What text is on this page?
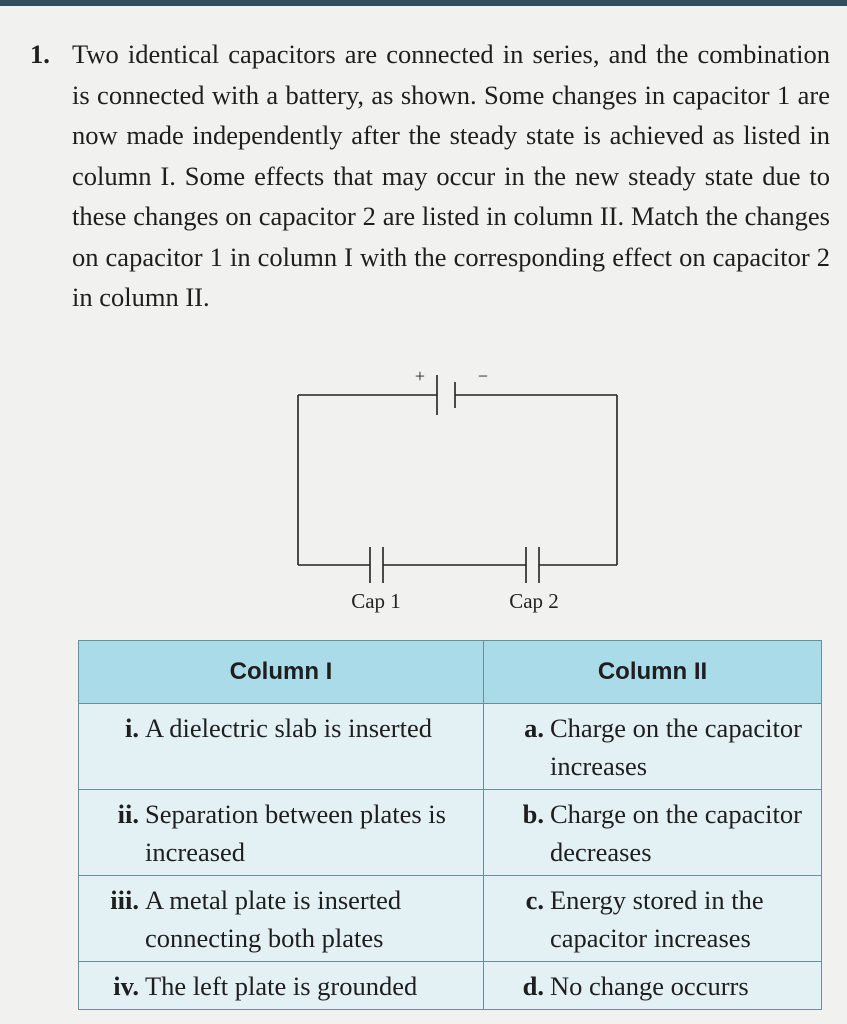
1. Two identical capacitors are connected in series, and the combination is connected with a battery, as shown. Some changes in capacitor 1 are now made independently after the steady state is achieved as listed in column I. Some effects that may occur in the new steady state due to these changes on capacitor 2 are listed in column II. Match the changes on capacitor 1 in column I with the corresponding effect on capacitor 2 in column II.
+	−
Cap 1	Cap 2
Column I	Column II

i. A dielectric slab is inserted	a. Charge on the capacitor increases

ii. Separation between plates is increased	b. Charge on the capacitor decreases

iii. A metal plate is inserted connecting both plates	c. Energy stored in the capacitor increases

iv. The left plate is grounded	d. No change occurrs
